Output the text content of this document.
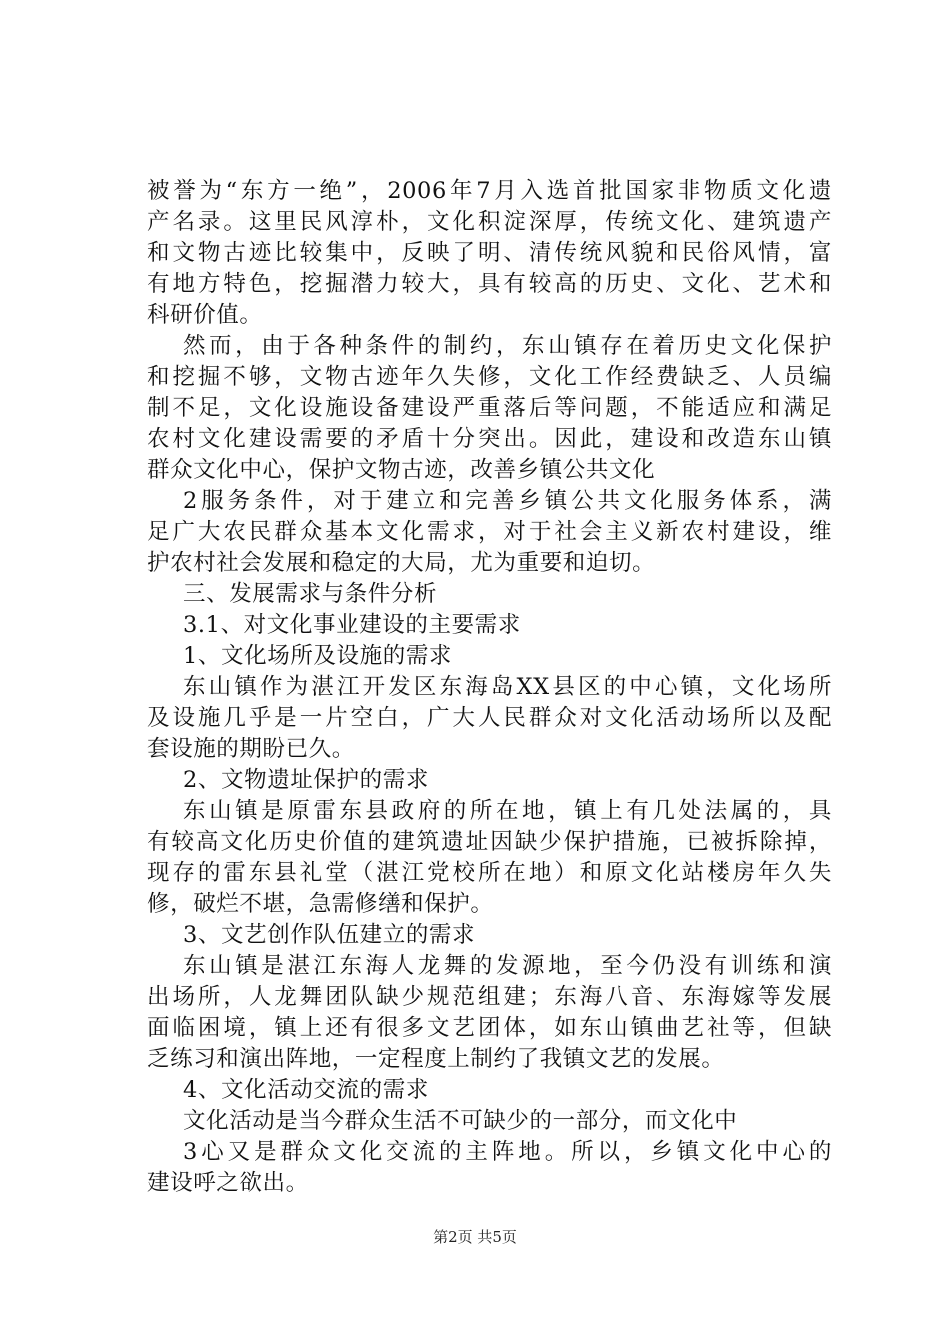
被誉为“东方一绝”，2006年7月入选首批国家非物质文化遗
产名录。这里民风淳朴，文化积淀深厚，传统文化、建筑遗产
和文物古迹比较集中，反映了明、清传统风貌和民俗风情，富
有地方特色，挖掘潜力较大，具有较高的历史、文化、艺术和
科研价值。
然而，由于各种条件的制约，东山镇存在着历史文化保护
和挖掘不够，文物古迹年久失修，文化工作经费缺乏、人员编
制不足，文化设施设备建设严重落后等问题，不能适应和满足
农村文化建设需要的矛盾十分突出。因此，建设和改造东山镇
群众文化中心，保护文物古迹，改善乡镇公共文化
2服务条件，对于建立和完善乡镇公共文化服务体系，满
足广大农民群众基本文化需求，对于社会主义新农村建设，维
护农村社会发展和稳定的大局，尤为重要和迫切。
三、发展需求与条件分析
3.1、对文化事业建设的主要需求
1、文化场所及设施的需求
东山镇作为湛江开发区东海岛XX县区的中心镇，文化场所
及设施几乎是一片空白，广大人民群众对文化活动场所以及配
套设施的期盼已久。
2、文物遗址保护的需求
东山镇是原雷东县政府的所在地，镇上有几处法属的，具
有较高文化历史价值的建筑遗址因缺少保护措施，已被拆除掉，
现存的雷东县礼堂（湛江党校所在地）和原文化站楼房年久失
修，破烂不堪，急需修缮和保护。
3、文艺创作队伍建立的需求
东山镇是湛江东海人龙舞的发源地，至今仍没有训练和演
出场所，人龙舞团队缺少规范组建；东海八音、东海嫁等发展
面临困境，镇上还有很多文艺团体，如东山镇曲艺社等，但缺
乏练习和演出阵地，一定程度上制约了我镇文艺的发展。
4、文化活动交流的需求
文化活动是当今群众生活不可缺少的一部分，而文化中
3心又是群众文化交流的主阵地。所以，乡镇文化中心的
建设呼之欲出。
第2页 共5页
